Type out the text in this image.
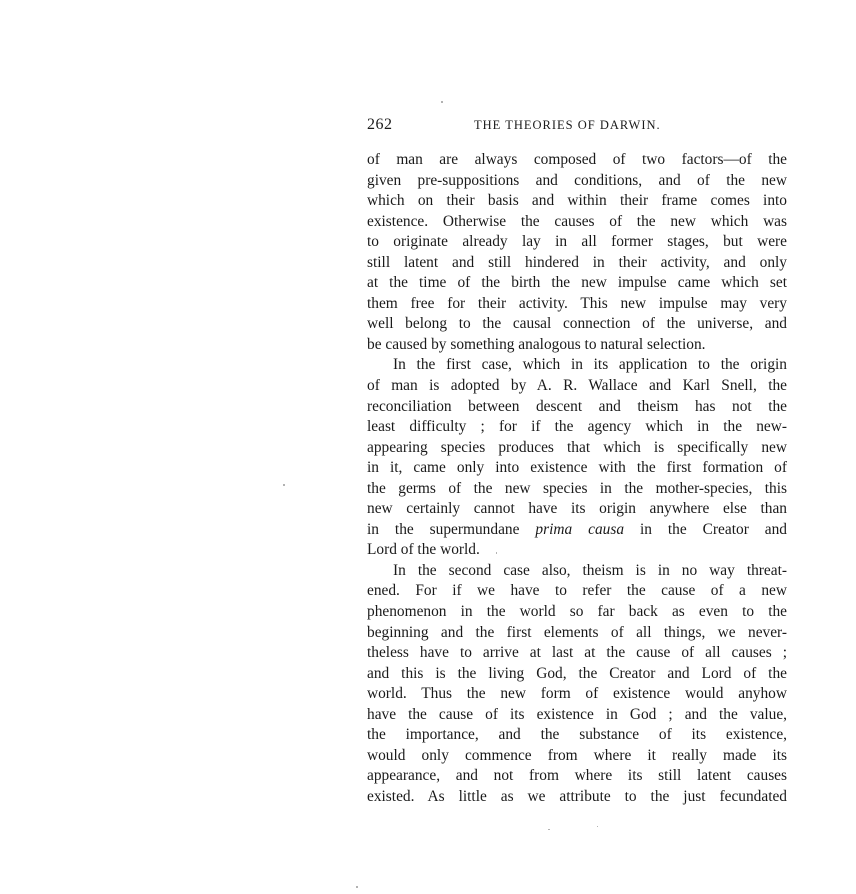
262	THE THEORIES OF DARWIN.
of man are always composed of two factors—of the
given pre-suppositions and conditions, and of the new
which on their basis and within their frame comes into
existence. Otherwise the causes of the new which was
to originate already lay in all former stages, but were
still latent and still hindered in their activity, and only
at the time of the birth the new impulse came which set
them free for their activity. This new impulse may very
well belong to the causal connection of the universe, and
be caused by something analogous to natural selection.
In the first case, which in its application to the origin
of man is adopted by A. R. Wallace and Karl Snell, the
reconciliation between descent and theism has not the
least difficulty ; for if the agency which in the new-
appearing species produces that which is specifically new
in it, came only into existence with the first formation of
the germs of the new species in the mother-species, this
new certainly cannot have its origin anywhere else than
in the supermundane prima causa in the Creator and
Lord of the world.
In the second case also, theism is in no way threat-
ened. For if we have to refer the cause of a new
phenomenon in the world so far back as even to the
beginning and the first elements of all things, we never-
theless have to arrive at last at the cause of all causes ;
and this is the living God, the Creator and Lord of the
world. Thus the new form of existence would anyhow
have the cause of its existence in God ; and the value,
the importance, and the substance of its existence,
would only commence from where it really made its
appearance, and not from where its still latent causes
existed. As little as we attribute to the just fecundated
